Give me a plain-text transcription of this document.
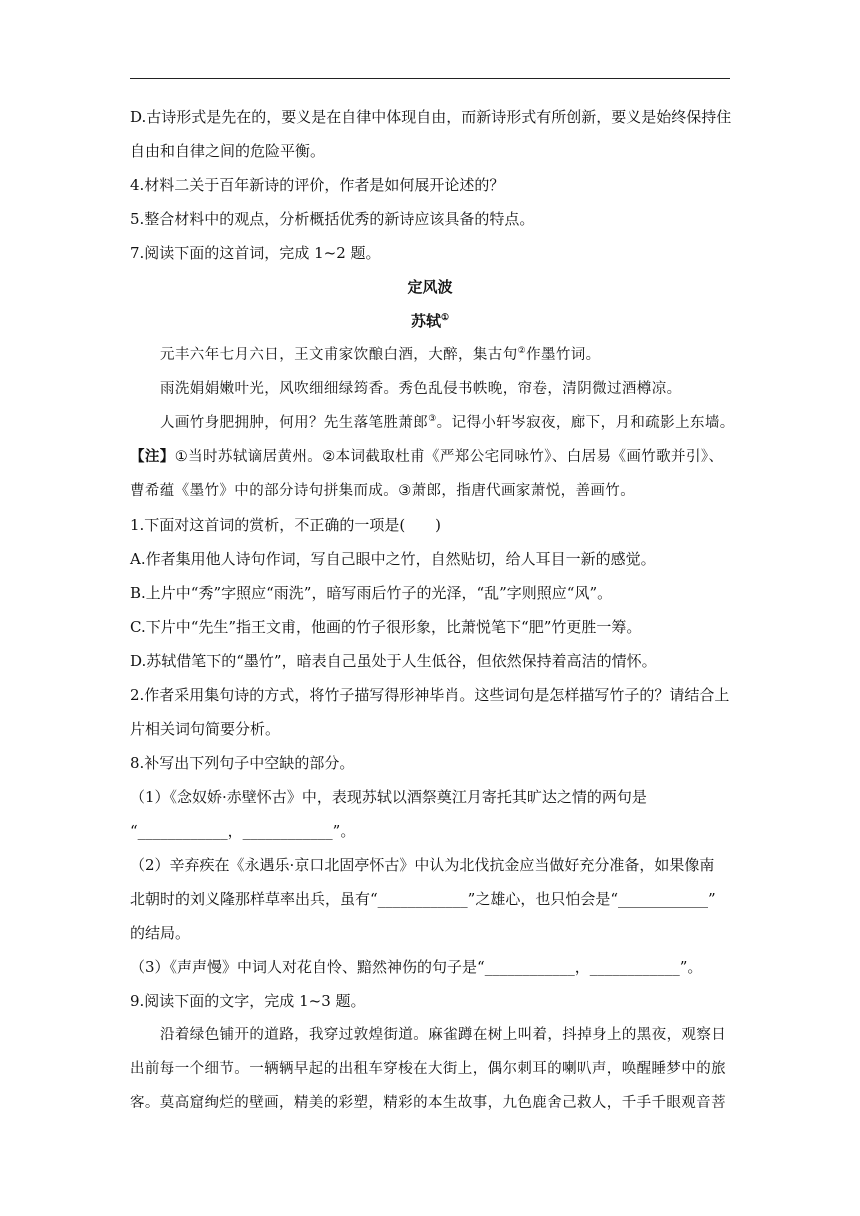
D.古诗形式是先在的，要义是在自律中体现自由，而新诗形式有所创新，要义是始终保持住
自由和自律之间的危险平衡。
4.材料二关于百年新诗的评价，作者是如何展开论述的？
5.整合材料中的观点，分析概括优秀的新诗应该具备的特点。
7.阅读下面的这首词，完成 1~2 题。
定风波
苏轼①
元丰六年七月六日，王文甫家饮酿白酒，大醉，集古句②作墨竹词。
雨洗娟娟嫩叶光，风吹细细绿筠香。秀色乱侵书帙晚，帘卷，清阴微过酒樽凉。
人画竹身肥拥肿，何用？先生落笔胜萧郎③。记得小轩岑寂夜，廊下，月和疏影上东墙。
【注】①当时苏轼谪居黄州。②本词截取杜甫《严郑公宅同咏竹》、白居易《画竹歌并引》、
曹希蕴《墨竹》中的部分诗句拼集而成。③萧郎，指唐代画家萧悦，善画竹。
1.下面对这首词的赏析，不正确的一项是(　　)
A.作者集用他人诗句作词，写自己眼中之竹，自然贴切，给人耳目一新的感觉。
B.上片中“秀”字照应“雨洗”，暗写雨后竹子的光泽，“乱”字则照应“风”。
C.下片中“先生”指王文甫，他画的竹子很形象，比萧悦笔下“肥”竹更胜一筹。
D.苏轼借笔下的“墨竹”，暗表自己虽处于人生低谷，但依然保持着高洁的情怀。
2.作者采用集句诗的方式，将竹子描写得形神毕肖。这些词句是怎样描写竹子的？请结合上
片相关词句简要分析。
8.补写出下列句子中空缺的部分。
（1）《念奴娇·赤壁怀古》中，表现苏轼以酒祭奠江月寄托其旷达之情的两句是
“____________，____________”。
（2）辛弃疾在《永遇乐·京口北固亭怀古》中认为北伐抗金应当做好充分准备，如果像南
北朝时的刘义隆那样草率出兵，虽有“____________”之雄心，也只怕会是“____________”
的结局。
（3）《声声慢》中词人对花自怜、黯然神伤的句子是“____________，____________”。
9.阅读下面的文字，完成 1~3 题。
沿着绿色铺开的道路，我穿过敦煌街道。麻雀蹲在树上叫着，抖掉身上的黑夜，观察日
出前每一个细节。一辆辆早起的出租车穿梭在大街上，偶尔刺耳的喇叭声，唤醒睡梦中的旅
客。莫高窟绚烂的壁画，精美的彩塑，精彩的本生故事，九色鹿舍己救人，千手千眼观音菩
